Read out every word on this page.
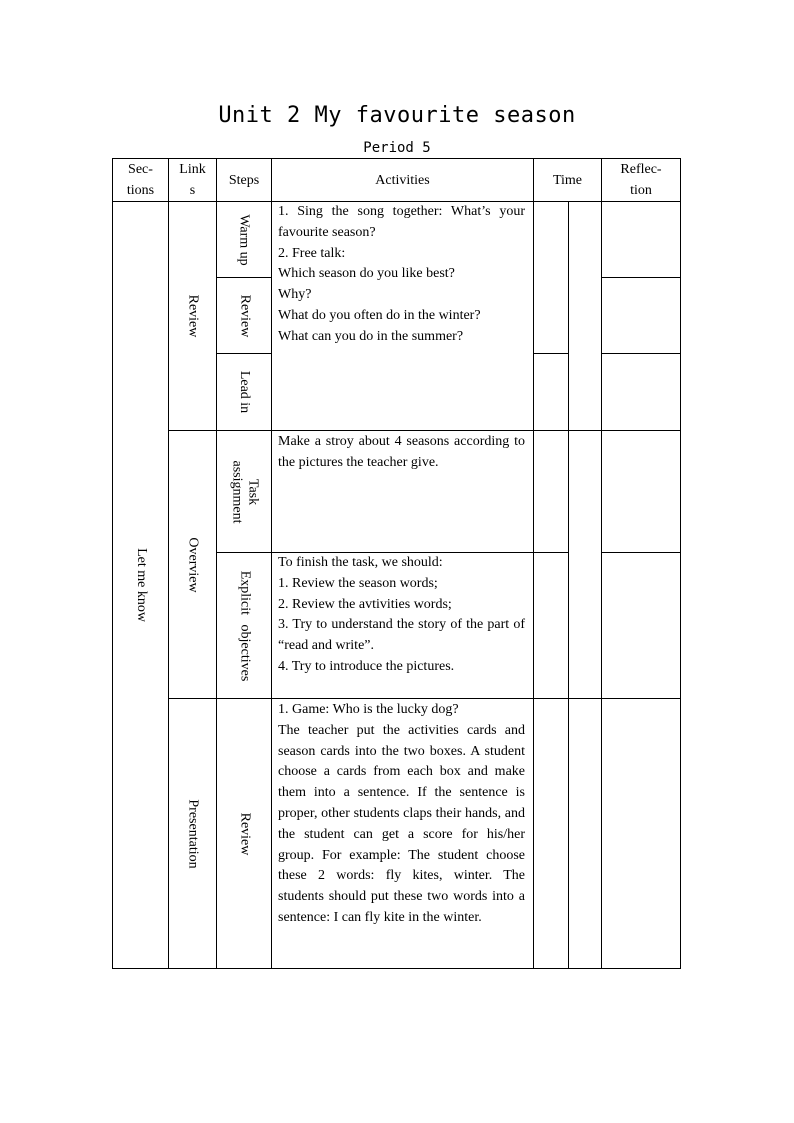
Unit 2 My favourite season
Period 5
Sec-
tions
Link
s
Steps	Activities	Time
Reflec-
tion
Let me know
Review
Overview
Presentation
Warm up
Review
Lead in
Task
assignment
Explicit objectives
Review
1. Sing the song together: What’s your favourite season?
2. Free talk:
Which season do you like best?
Why?
What do you often do in the winter?
What can you do in the summer?
Make a stroy about 4 seasons according to the pictures the teacher give.
To finish the task, we should:
1. Review the season words;
2. Review the avtivities words;
3. Try to understand the story of the part of “read and write”.
4. Try to introduce the pictures.
1. Game: Who is the lucky dog?
The teacher put the activities cards and season cards into the two boxes. A student choose a cards from each box and make them into a sentence. If the sentence is proper, other students claps their hands, and the student can get a score for his/her group. For example: The student choose these 2 words: fly kites, winter. The students should put these two words into a sentence: I can fly kite in the winter.
